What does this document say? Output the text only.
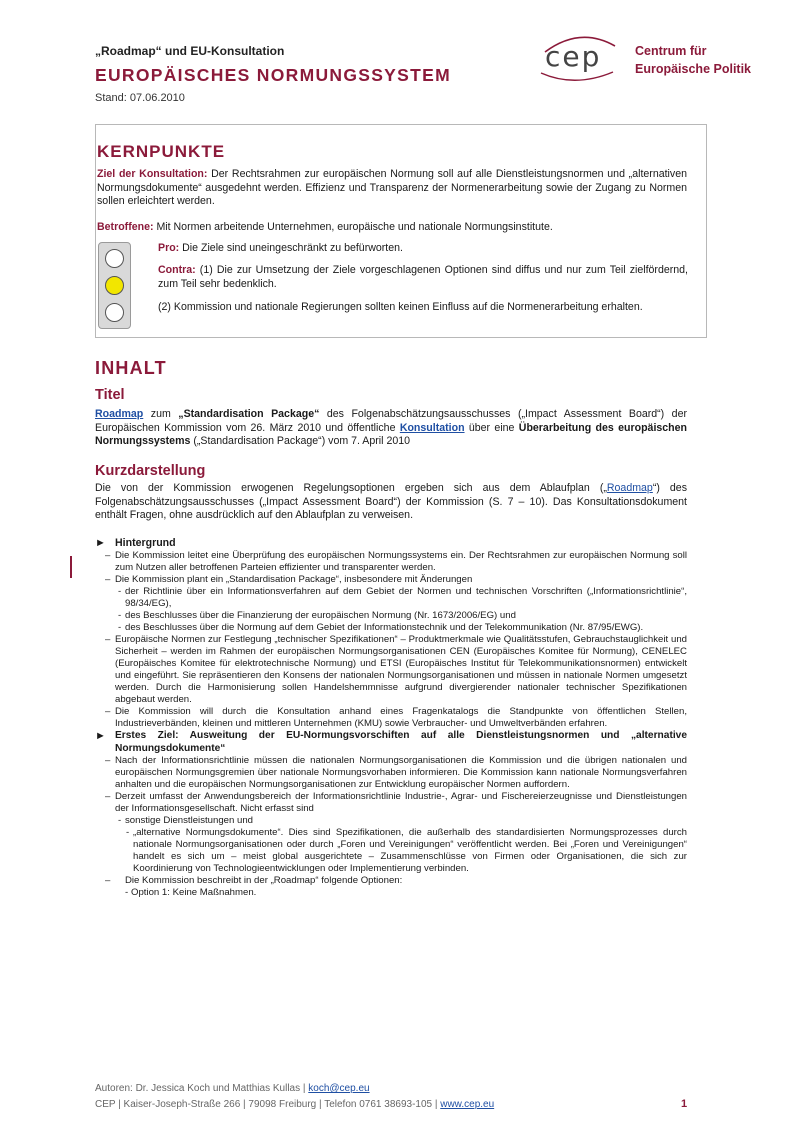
„Roadmap“ und EU-Konsultation
EUROPÄISCHES NORMUNGSSYSTEM
Stand: 07.06.2010
cep	Centrum für
Europäische Politik
KERNPUNKTE
Ziel der Konsultation: Der Rechtsrahmen zur europäischen Normung soll auf alle Dienstleistungsnormen und „alternativen Normungsdokumente“ ausgedehnt werden. Effizienz und Transparenz der Normenerarbeitung sowie der Zugang zu Normen sollen erleichtert werden.
Betroffene: Mit Normen arbeitende Unternehmen, europäische und nationale Normungsinstitute.
Pro: Die Ziele sind uneingeschränkt zu befürworten.
Contra: (1) Die zur Umsetzung der Ziele vorgeschlagenen Optionen sind diffus und nur zum Teil zielfördernd, zum Teil sehr bedenklich.
(2) Kommission und nationale Regierungen sollten keinen Einfluss auf die Normenerarbeitung erhalten.
INHALT
Titel
Roadmap zum „Standardisation Package“ des Folgenabschätzungsausschusses („Impact Assessment Board“) der Europäischen Kommission vom 26. März 2010 und öffentliche Konsultation über eine Überarbeitung des europäischen Normungssystems („Standardisation Package“) vom 7. April 2010
Kurzdarstellung
Die von der Kommission erwogenen Regelungsoptionen ergeben sich aus dem Ablaufplan („Roadmap“) des Folgenabschätzungsausschusses („Impact Assessment Board“) der Kommission (S. 7 – 10). Das Konsultationsdokument enthält Fragen, ohne ausdrücklich auf den Ablaufplan zu verweisen.
► Hintergrund
– Die Kommission leitet eine Überprüfung des europäischen Normungssystems ein. Der Rechtsrahmen zur europäischen Normung soll zum Nutzen aller betroffenen Parteien effizienter und transparenter werden.
– Die Kommission plant ein „Standardisation Package“, insbesondere mit Änderungen
- der Richtlinie über ein Informationsverfahren auf dem Gebiet der Normen und technischen Vorschriften („Informationsrichtlinie“, 98/34/EG),
- des Beschlusses über die Finanzierung der europäischen Normung (Nr. 1673/2006/EG) und
- des Beschlusses über die Normung auf dem Gebiet der Informationstechnik und der Telekommunikation (Nr. 87/95/EWG).
– Europäische Normen zur Festlegung „technischer Spezifikationen“ – Produktmerkmale wie Qualitätsstufen, Gebrauchstauglichkeit und Sicherheit – werden im Rahmen der europäischen Normungsorganisationen CEN (Europäisches Komitee für Normung), CENELEC (Europäisches Komitee für elektrotechnische Normung) und ETSI (Europäisches Institut für Telekommunikationsnormen) entwickelt und eingeführt. Sie repräsentieren den Konsens der nationalen Normungsorganisationen und müssen in nationale Normen umgesetzt werden. Durch die Harmonisierung sollen Handelshemmnisse aufgrund divergierender nationaler technischer Spezifikationen abgebaut werden.
– Die Kommission will durch die Konsultation anhand eines Fragenkatalogs die Standpunkte von öffentlichen Stellen, Industrieverbänden, kleinen und mittleren Unternehmen (KMU) sowie Verbraucher- und Umweltverbänden erfahren.
► Erstes Ziel: Ausweitung der EU-Normungsvorschiften auf alle Dienstleistungsnormen und „alternative Normungsdokumente“
– Nach der Informationsrichtlinie müssen die nationalen Normungsorganisationen die Kommission und die übrigen nationalen und europäischen Normungsgremien über nationale Normungsvorhaben informieren. Die Kommission kann nationale Normungsverfahren anhalten und die europäischen Normungsorganisationen zur Entwicklung europäischer Normen auffordern.
– Derzeit umfasst der Anwendungsbereich der Informationsrichtlinie Industrie-, Agrar- und Fischereierzeugnisse und Dienstleistungen der Informationsgesellschaft. Nicht erfasst sind
- sonstige Dienstleistungen und
- „alternative Normungsdokumente“. Dies sind Spezifikationen, die außerhalb des standardisierten Normungsprozesses durch nationale Normungsorganisationen oder durch „Foren und Vereinigungen“ veröffentlicht werden. Bei „Foren und Vereinigungen“ handelt es sich um – meist global ausgerichtete – Zusammenschlüsse von Firmen oder Organisationen, die sich zur Koordinierung von Technologieentwicklungen oder Implementierung verbinden.
– Die Kommission beschreibt in der „Roadmap“ folgende Optionen:
- Option 1: Keine Maßnahmen.
Autoren: Dr. Jessica Koch und Matthias Kullas | koch@cep.eu
CEP | Kaiser-Joseph-Straße 266 | 79098 Freiburg | Telefon 0761 38693-105 | www.cep.eu	1
